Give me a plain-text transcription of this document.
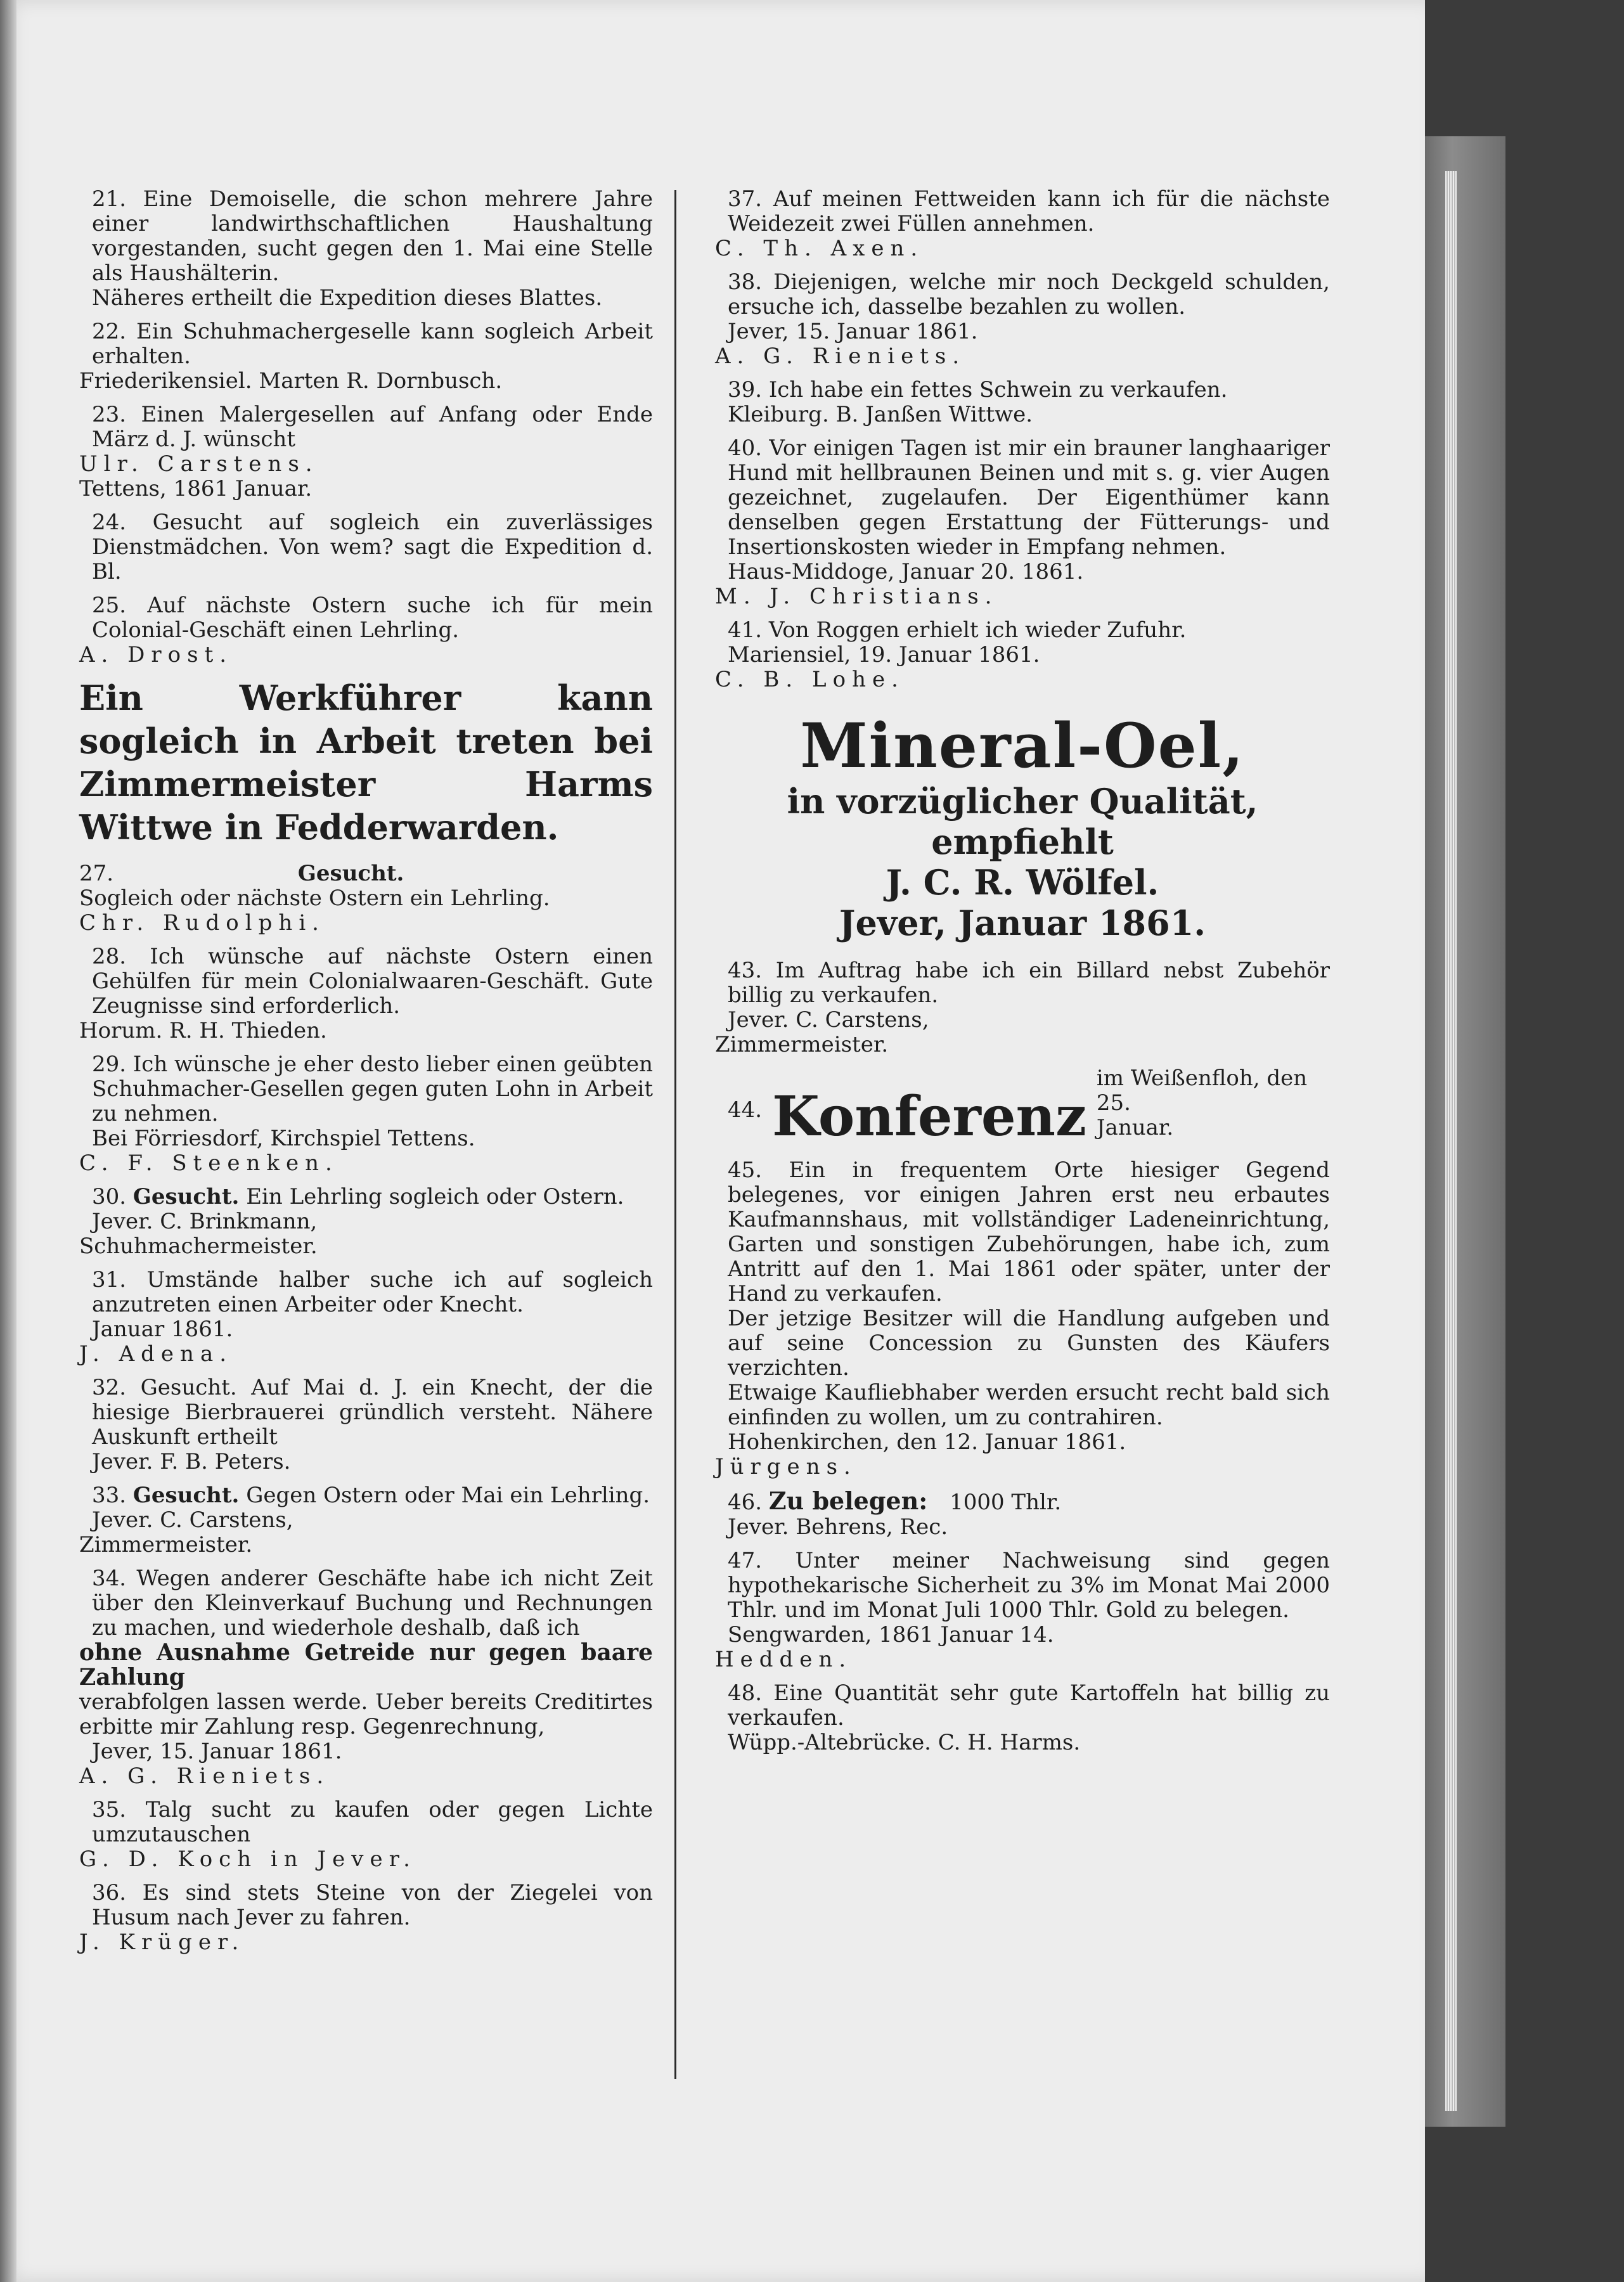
21. Eine Demoiselle, die schon mehrere Jahre einer landwirthschaftlichen Haushaltung vorgestanden, sucht gegen den 1. Mai eine Stelle als Haushälterin.

Näheres ertheilt die Expedition dieses Blattes.

22. Ein Schuhmachergeselle kann sogleich Arbeit erhalten.

Friederikensiel. Marten R. Dornbusch.

23. Einen Malergesellen auf Anfang oder Ende März d. J. wünscht

Ulr. Carstens.

Tettens, 1861 Januar.

24. Gesucht auf sogleich ein zuverlässiges Dienstmädchen. Von wem? sagt die Expedition d. Bl.

25. Auf nächste Ostern suche ich für mein Colonial-Geschäft einen Lehrling.

A. Drost.

Ein Werkführer kann sogleich in Arbeit treten bei Zimmermeister Harms Wittwe in Fedderwarden.

27.	Gesucht.

Sogleich oder nächste Ostern ein Lehrling.

Chr. Rudolphi.

28. Ich wünsche auf nächste Ostern einen Gehülfen für mein Colonialwaaren-Geschäft. Gute Zeugnisse sind erforderlich.

Horum. R. H. Thieden.

29. Ich wünsche je eher desto lieber einen geübten Schuhmacher-Gesellen gegen guten Lohn in Arbeit zu nehmen.

Bei Förriesdorf, Kirchspiel Tettens.

C. F. Steenken.

30. Gesucht. Ein Lehrling sogleich oder Ostern.

Jever. C. Brinkmann,

Schuhmachermeister.

31. Umstände halber suche ich auf sogleich anzutreten einen Arbeiter oder Knecht.

Januar 1861.

J. Adena.

32. Gesucht. Auf Mai d. J. ein Knecht, der die hiesige Bierbrauerei gründlich versteht. Nähere Auskunft ertheilt

Jever. F. B. Peters.

33. Gesucht. Gegen Ostern oder Mai ein Lehrling.

Jever. C. Carstens,

Zimmermeister.

34. Wegen anderer Geschäfte habe ich nicht Zeit über den Kleinverkauf Buchung und Rechnungen zu machen, und wiederhole deshalb, daß ich

ohne Ausnahme Getreide nur gegen baare Zahlung

verabfolgen lassen werde. Ueber bereits Creditirtes erbitte mir Zahlung resp. Gegenrechnung,

Jever, 15. Januar 1861.

A. G. Rieniets.

35. Talg sucht zu kaufen oder gegen Lichte umzutauschen

G. D. Koch in Jever.

36. Es sind stets Steine von der Ziegelei von Husum nach Jever zu fahren.

J. Krüger.

37. Auf meinen Fettweiden kann ich für die nächste Weidezeit zwei Füllen annehmen.

C. Th. Axen.

38. Diejenigen, welche mir noch Deckgeld schulden, ersuche ich, dasselbe bezahlen zu wollen.

Jever, 15. Januar 1861.

A. G. Rieniets.

39. Ich habe ein fettes Schwein zu verkaufen.

Kleiburg. B. Janßen Wittwe.

40. Vor einigen Tagen ist mir ein brauner langhaariger Hund mit hellbraunen Beinen und mit s. g. vier Augen gezeichnet, zugelaufen. Der Eigenthümer kann denselben gegen Erstattung der Fütterungs- und Insertionskosten wieder in Empfang nehmen.

Haus-Middoge, Januar 20. 1861.

M. J. Christians.

41. Von Roggen erhielt ich wieder Zufuhr.

Mariensiel, 19. Januar 1861.

C. B. Lohe.

Mineral-Oel,

in vorzüglicher Qualität, empfiehlt

J. C. R. Wölfel.

Jever, Januar 1861.

43. Im Auftrag habe ich ein Billard nebst Zubehör billig zu verkaufen.

Jever. C. Carstens,

Zimmermeister.

44. Konferenz
im Weißenfloh, den 25.
Januar.

45. Ein in frequentem Orte hiesiger Gegend belegenes, vor einigen Jahren erst neu erbautes Kaufmannshaus, mit vollständiger Ladeneinrichtung, Garten und sonstigen Zubehörungen, habe ich, zum Antritt auf den 1. Mai 1861 oder später, unter der Hand zu verkaufen.

Der jetzige Besitzer will die Handlung aufgeben und auf seine Concession zu Gunsten des Käufers verzichten.

Etwaige Kaufliebhaber werden ersucht recht bald sich einfinden zu wollen, um zu contrahiren.

Hohenkirchen, den 12. Januar 1861.

Jürgens.

46. Zu belegen: 1000 Thlr.

Jever. Behrens, Rec.

47. Unter meiner Nachweisung sind gegen hypothekarische Sicherheit zu 3% im Monat Mai 2000 Thlr. und im Monat Juli 1000 Thlr. Gold zu belegen.

Sengwarden, 1861 Januar 14.

Hedden.

48. Eine Quantität sehr gute Kartoffeln hat billig zu verkaufen.

Wüpp.-Altebrücke. C. H. Harms.
